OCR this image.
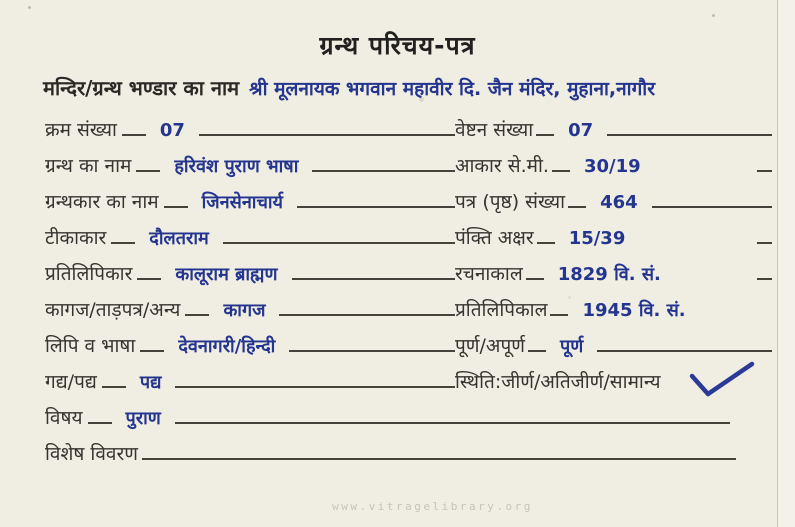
ग्रन्थ परिचय-पत्र
मन्दिर/ग्रन्थ भण्डार का नाम श्री मूलनायक भगवान महावीर दि. जैन मंदिर, मुहाना,नागौर
क्रम संख्या 07	वेष्टन संख्या 07
ग्रन्थ का नाम हरिवंश पुराण भाषा	आकार से.मी. 30/19
ग्रन्थकार का नाम जिनसेनाचार्य	पत्र (पृष्ठ) संख्या 464
टीकाकार दौलतराम	पंक्ति अक्षर 15/39
प्रतिलिपिकार कालूराम ब्राह्मण	रचनाकाल 1829 वि. सं.
कागज/ताड़पत्र/अन्य कागज	प्रतिलिपिकाल 1945 वि. सं.
लिपि व भाषा देवनागरी/हिन्दी	पूर्ण/अपूर्ण पूर्ण
गद्य/पद्य पद्य	स्थिति:जीर्ण/अतिजीर्ण/सामान्य
विषय पुराण
विशेष विवरण
www.vitragelibrary.org
